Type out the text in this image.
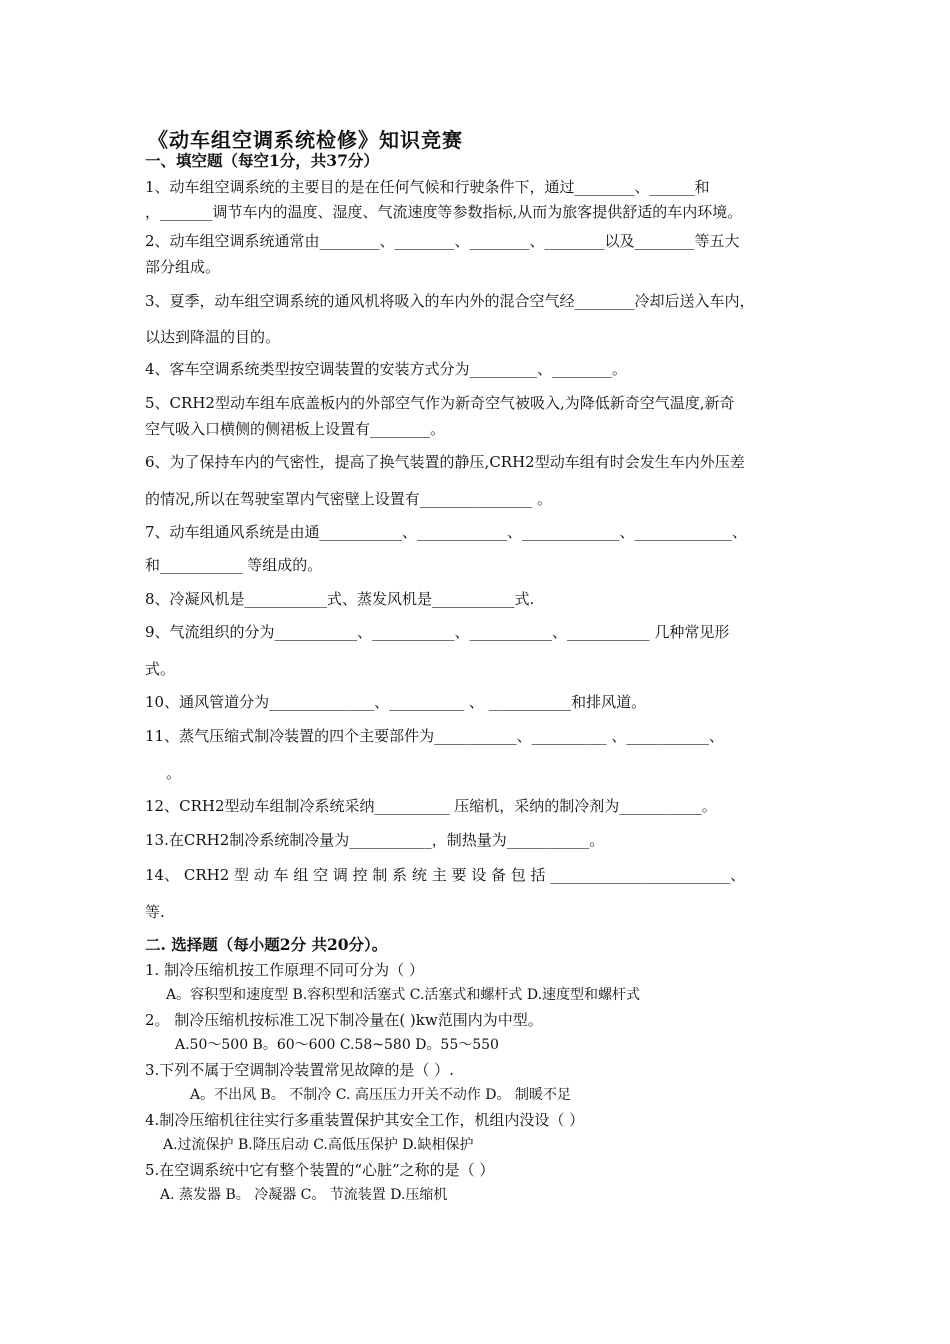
《动车组空调系统检修》知识竞赛
一、填空题（每空1分，共37分）
1、动车组空调系统的主要目的是在任何气候和行驶条件下，通过________、______和
，_______调节车内的温度、湿度、气流速度等参数指标,从而为旅客提供舒适的车内环境。
2、动车组空调系统通常由________、________、________、________以及________等五大
部分组成。
3、夏季，动车组空调系统的通风机将吸入的车内外的混合空气经________冷却后送入车内，
以达到降温的目的。
4、客车空调系统类型按空调装置的安装方式分为_________、________。
5、CRH2型动车组车底盖板内的外部空气作为新奇空气被吸入,为降低新奇空气温度,新奇
空气吸入口横侧的侧裙板上设置有________。
6、为了保持车内的气密性，提高了换气装置的静压,CRH2型动车组有时会发生车内外压差
的情况,所以在驾驶室罩内气密壁上设置有_______________ 。
7、动车组通风系统是由通___________、____________、_____________、_____________、
和___________ 等组成的。
8、冷凝风机是___________式、蒸发风机是___________式.
9、气流组织的分为___________、___________、___________、___________ 几种常见形
式。
10、通风管道分为______________、__________ 、 ___________和排风道。
11、蒸气压缩式制冷装置的四个主要部件为___________、__________ 、___________、
。
12、CRH2型动车组制冷系统采纳__________ 压缩机，采纳的制冷剂为___________。
13.在CRH2制冷系统制冷量为___________，制热量为___________。
14、 CRH2 型 动 车 组 空 调 控 制 系 统 主 要 设 备 包 括 ________________________、
等.
二. 选择题（每小题2分 共20分）。
1. 制冷压缩机按工作原理不同可分为（ ）
A。容积型和速度型 B.容积型和活塞式 C.活塞式和螺杆式 D.速度型和螺杆式
2。 制冷压缩机按标准工况下制冷量在( )kw范围内为中型。
A.50～500 B。60～600 C.58~580 D。55～550
3.下列不属于空调制冷装置常见故障的是（ ）.
A。不出风 B。 不制冷 C. 高压压力开关不动作 D。 制暖不足
4.制冷压缩机往往实行多重装置保护其安全工作，机组内没设（ ）
A.过流保护 B.降压启动 C.高低压保护 D.缺相保护
5.在空调系统中它有整个装置的“心脏”之称的是（ ）
A. 蒸发器 B。 冷凝器 C。 节流装置 D.压缩机
